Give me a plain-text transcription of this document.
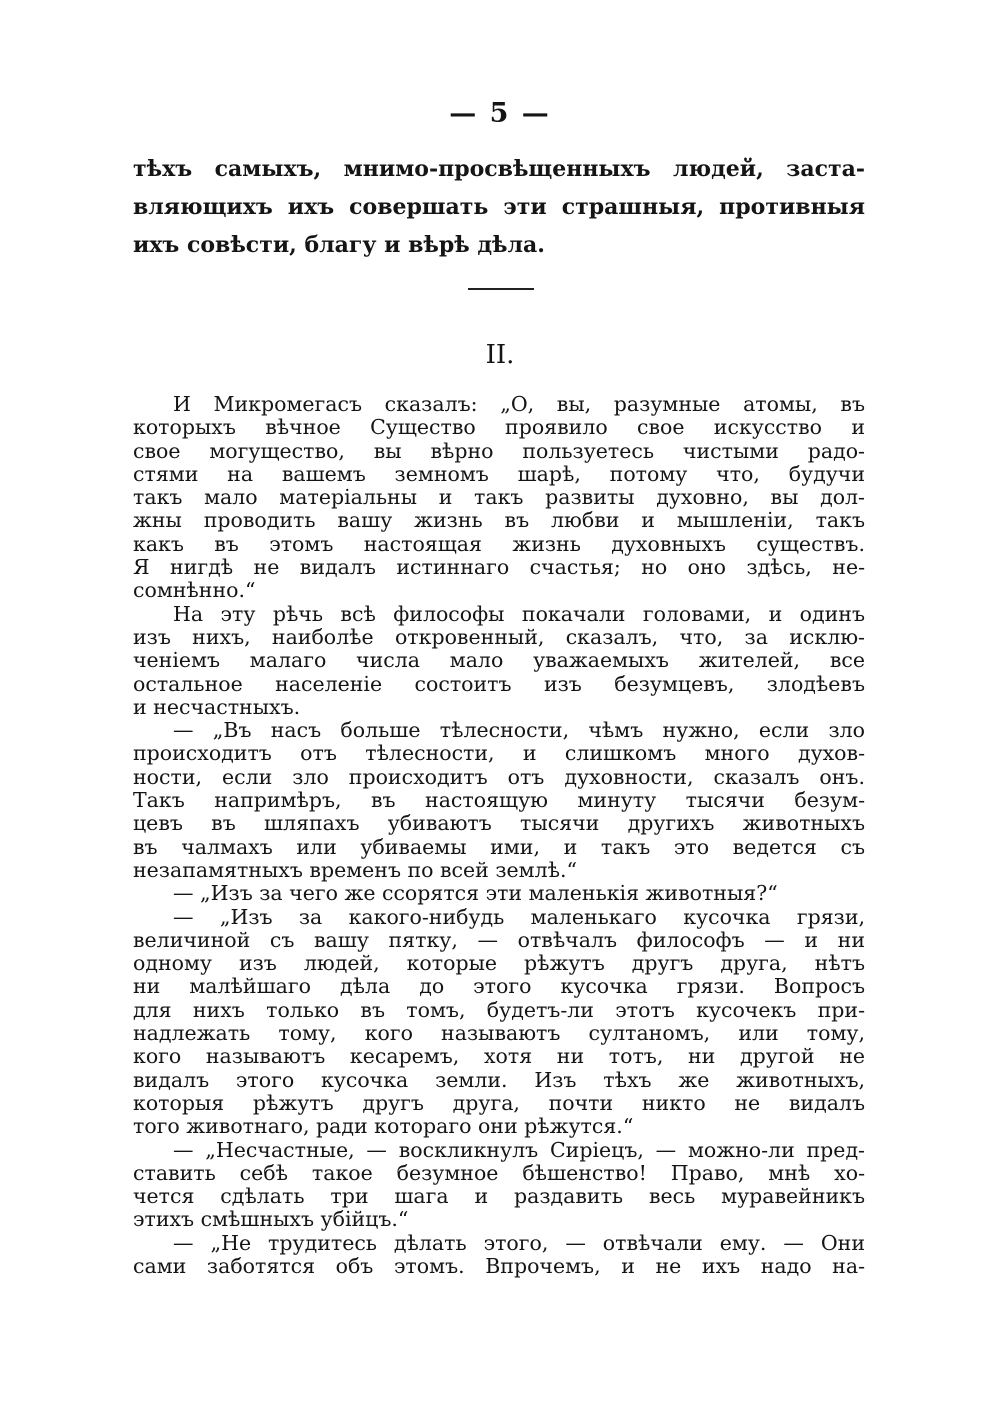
— 5 —
тѣхъ самыхъ, мнимо-просвѣщенныхъ людей, заста-
вляющихъ ихъ совершать эти страшныя, противныя
ихъ совѣсти, благу и вѣрѣ дѣла.
II.
И Микромегасъ сказалъ: „О, вы, разумные атомы, въ
которыхъ вѣчное Существо проявило свое искусство и
свое могущество, вы вѣрно пользуетесь чистыми радо-
стями на вашемъ земномъ шарѣ, потому что, будучи
такъ мало матеріальны и такъ развиты духовно, вы дол-
жны проводить вашу жизнь въ любви и мышленіи, такъ
какъ въ этомъ настоящая жизнь духовныхъ существъ.
Я нигдѣ не видалъ истиннаго счастья; но оно здѣсь, не-
сомнѣнно.“
На эту рѣчь всѣ философы покачали головами, и одинъ
изъ нихъ, наиболѣе откровенный, сказалъ, что, за исклю-
ченіемъ малаго числа мало уважаемыхъ жителей, все
остальное населеніе состоитъ изъ безумцевъ, злодѣевъ
и несчастныхъ.
— „Въ насъ больше тѣлесности, чѣмъ нужно, если зло
происходитъ отъ тѣлесности, и слишкомъ много духов-
ности, если зло происходитъ отъ духовности, сказалъ онъ.
Такъ напримѣръ, въ настоящую минуту тысячи безум-
цевъ въ шляпахъ убиваютъ тысячи другихъ животныхъ
въ чалмахъ или убиваемы ими, и такъ это ведется съ
незапамятныхъ временъ по всей землѣ.“
— „Изъ за чего же ссорятся эти маленькія животныя?“
— „Изъ за какого-нибудь маленькаго кусочка грязи,
величиной съ вашу пятку, — отвѣчалъ философъ — и ни
одному изъ людей, которые рѣжутъ другъ друга, нѣтъ
ни малѣйшаго дѣла до этого кусочка грязи. Вопросъ
для нихъ только въ томъ, будетъ-ли этотъ кусочекъ при-
надлежать тому, кого называютъ султаномъ, или тому,
кого называютъ кесаремъ, хотя ни тотъ, ни другой не
видалъ этого кусочка земли. Изъ тѣхъ же животныхъ,
которыя рѣжутъ другъ друга, почти никто не видалъ
того животнаго, ради котораго они рѣжутся.“
— „Несчастные, — воскликнулъ Сиріецъ, — можно-ли пред-
ставить себѣ такое безумное бѣшенство! Право, мнѣ хо-
чется сдѣлать три шага и раздавить весь муравейникъ
этихъ смѣшныхъ убійцъ.“
— „Не трудитесь дѣлать этого, — отвѣчали ему. — Они
сами заботятся объ этомъ. Впрочемъ, и не ихъ надо на-
